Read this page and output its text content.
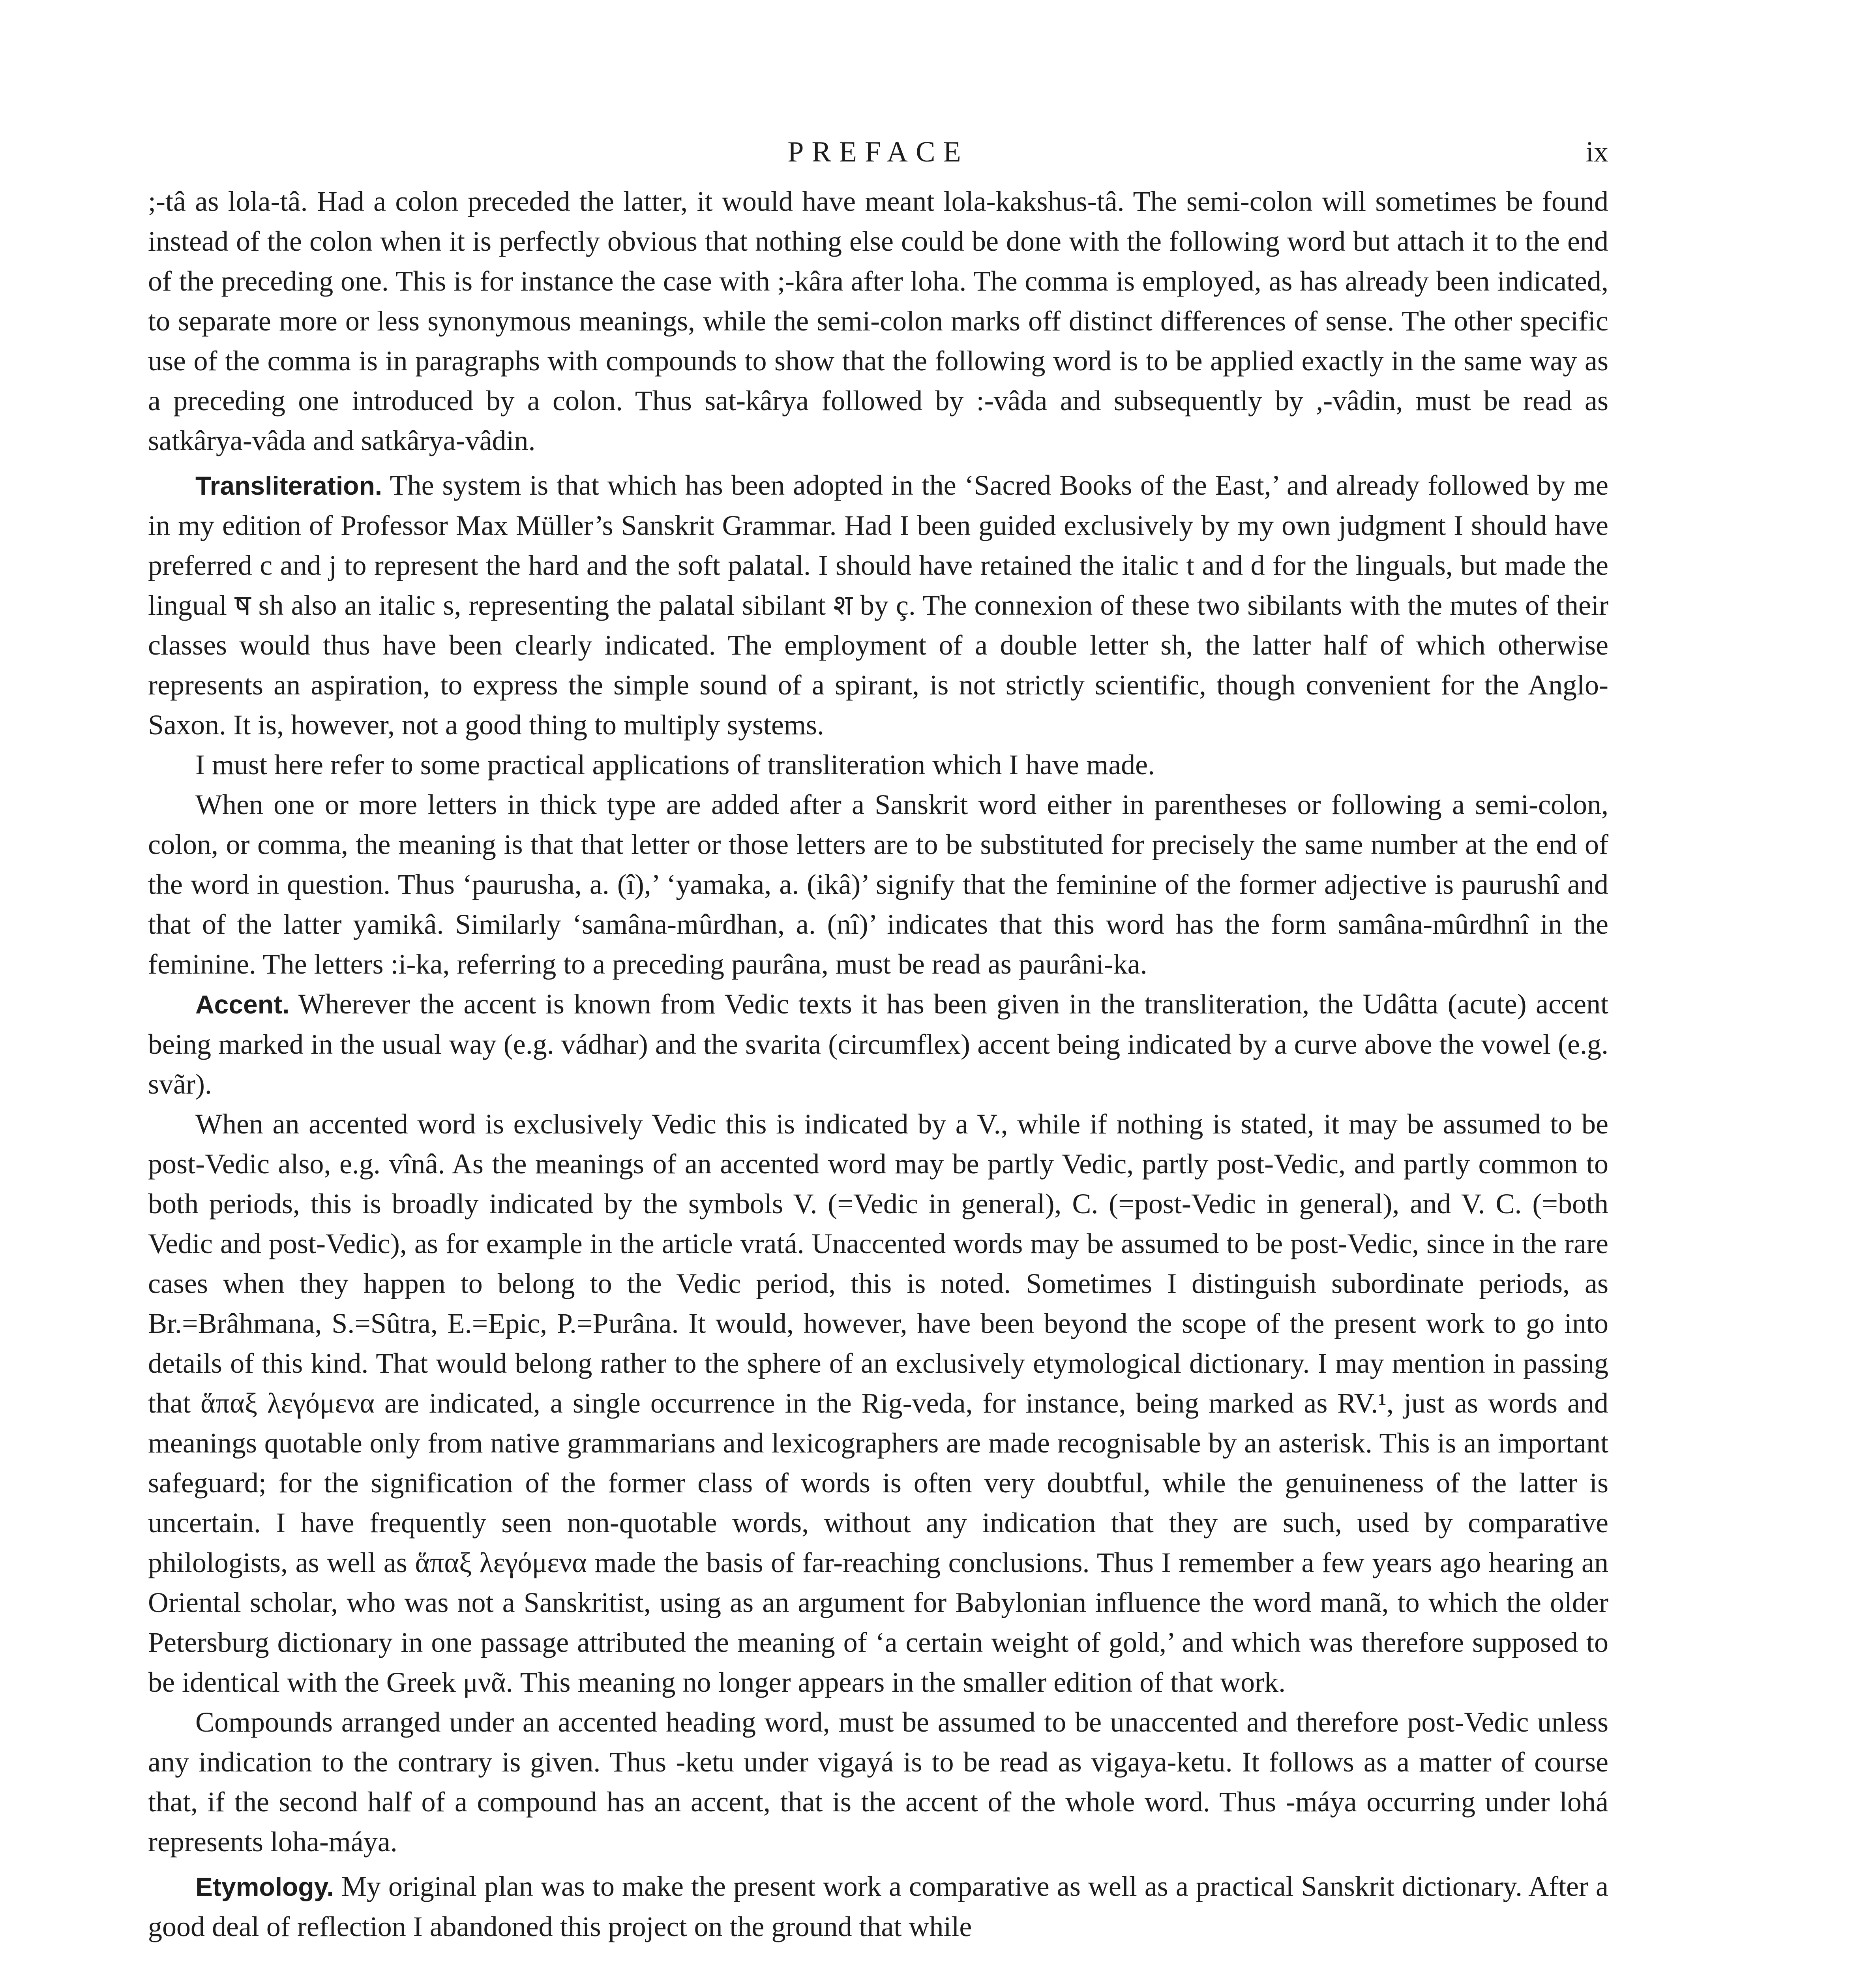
PREFACE	ix

;-tâ as lola-tâ. Had a colon preceded the latter, it would have meant lola-kakshus-tâ. The semi-colon will sometimes be found instead of the colon when it is perfectly obvious that nothing else could be done with the following word but attach it to the end of the preceding one. This is for instance the case with ;-kâra after loha. The comma is employed, as has already been indicated, to separate more or less synonymous meanings, while the semi-colon marks off distinct differences of sense. The other specific use of the comma is in paragraphs with compounds to show that the following word is to be applied exactly in the same way as a preceding one introduced by a colon. Thus sat-kârya followed by :-vâda and subsequently by ,-vâdin, must be read as satkârya-vâda and satkârya-vâdin.

Transliteration. The system is that which has been adopted in the ‘Sacred Books of the East,’ and already followed by me in my edition of Professor Max Müller’s Sanskrit Grammar. Had I been guided exclusively by my own judgment I should have preferred c and j to represent the hard and the soft palatal. I should have retained the italic t and d for the linguals, but made the lingual ष sh also an italic s, representing the palatal sibilant श by ç. The connexion of these two sibilants with the mutes of their classes would thus have been clearly indicated. The employment of a double letter sh, the latter half of which otherwise represents an aspiration, to express the simple sound of a spirant, is not strictly scientific, though convenient for the Anglo-Saxon. It is, however, not a good thing to multiply systems.

I must here refer to some practical applications of transliteration which I have made.

When one or more letters in thick type are added after a Sanskrit word either in parentheses or following a semi-colon, colon, or comma, the meaning is that that letter or those letters are to be substituted for precisely the same number at the end of the word in question. Thus ‘paurusha, a. (î),’ ‘yamaka, a. (ikâ)’ signify that the feminine of the former adjective is paurushî and that of the latter yamikâ. Similarly ‘samâna-mûrdhan, a. (nî)’ indicates that this word has the form samâna-mûrdhnî in the feminine. The letters :i-ka, referring to a preceding paurâna, must be read as paurâni-ka.

Accent. Wherever the accent is known from Vedic texts it has been given in the transliteration, the Udâtta (acute) accent being marked in the usual way (e.g. vádhar) and the svarita (circumflex) accent being indicated by a curve above the vowel (e.g. svãr).

When an accented word is exclusively Vedic this is indicated by a V., while if nothing is stated, it may be assumed to be post-Vedic also, e.g. vînâ. As the meanings of an accented word may be partly Vedic, partly post-Vedic, and partly common to both periods, this is broadly indicated by the symbols V. (=Vedic in general), C. (=post-Vedic in general), and V. C. (=both Vedic and post-Vedic), as for example in the article vratá. Unaccented words may be assumed to be post-Vedic, since in the rare cases when they happen to belong to the Vedic period, this is noted. Sometimes I distinguish subordinate periods, as Br.=Brâhmana, S.=Sûtra, E.=Epic, P.=Purâna. It would, however, have been beyond the scope of the present work to go into details of this kind. That would belong rather to the sphere of an exclusively etymological dictionary. I may mention in passing that ἅπαξ λεγόμενα are indicated, a single occurrence in the Rig-veda, for instance, being marked as RV.¹, just as words and meanings quotable only from native grammarians and lexicographers are made recognisable by an asterisk. This is an important safeguard; for the signification of the former class of words is often very doubtful, while the genuineness of the latter is uncertain. I have frequently seen non-quotable words, without any indication that they are such, used by comparative philologists, as well as ἅπαξ λεγόμενα made the basis of far-reaching conclusions. Thus I remember a few years ago hearing an Oriental scholar, who was not a Sanskritist, using as an argument for Babylonian influence the word manã, to which the older Petersburg dictionary in one passage attributed the meaning of ‘a certain weight of gold,’ and which was therefore supposed to be identical with the Greek μνᾶ. This meaning no longer appears in the smaller edition of that work.

Compounds arranged under an accented heading word, must be assumed to be unaccented and therefore post-Vedic unless any indication to the contrary is given. Thus -ketu under vigayá is to be read as vigaya-ketu. It follows as a matter of course that, if the second half of a compound has an accent, that is the accent of the whole word. Thus -máya occurring under lohá represents loha-máya.

Etymology. My original plan was to make the present work a comparative as well as a practical Sanskrit dictionary. After a good deal of reflection I abandoned this project on the ground that while
